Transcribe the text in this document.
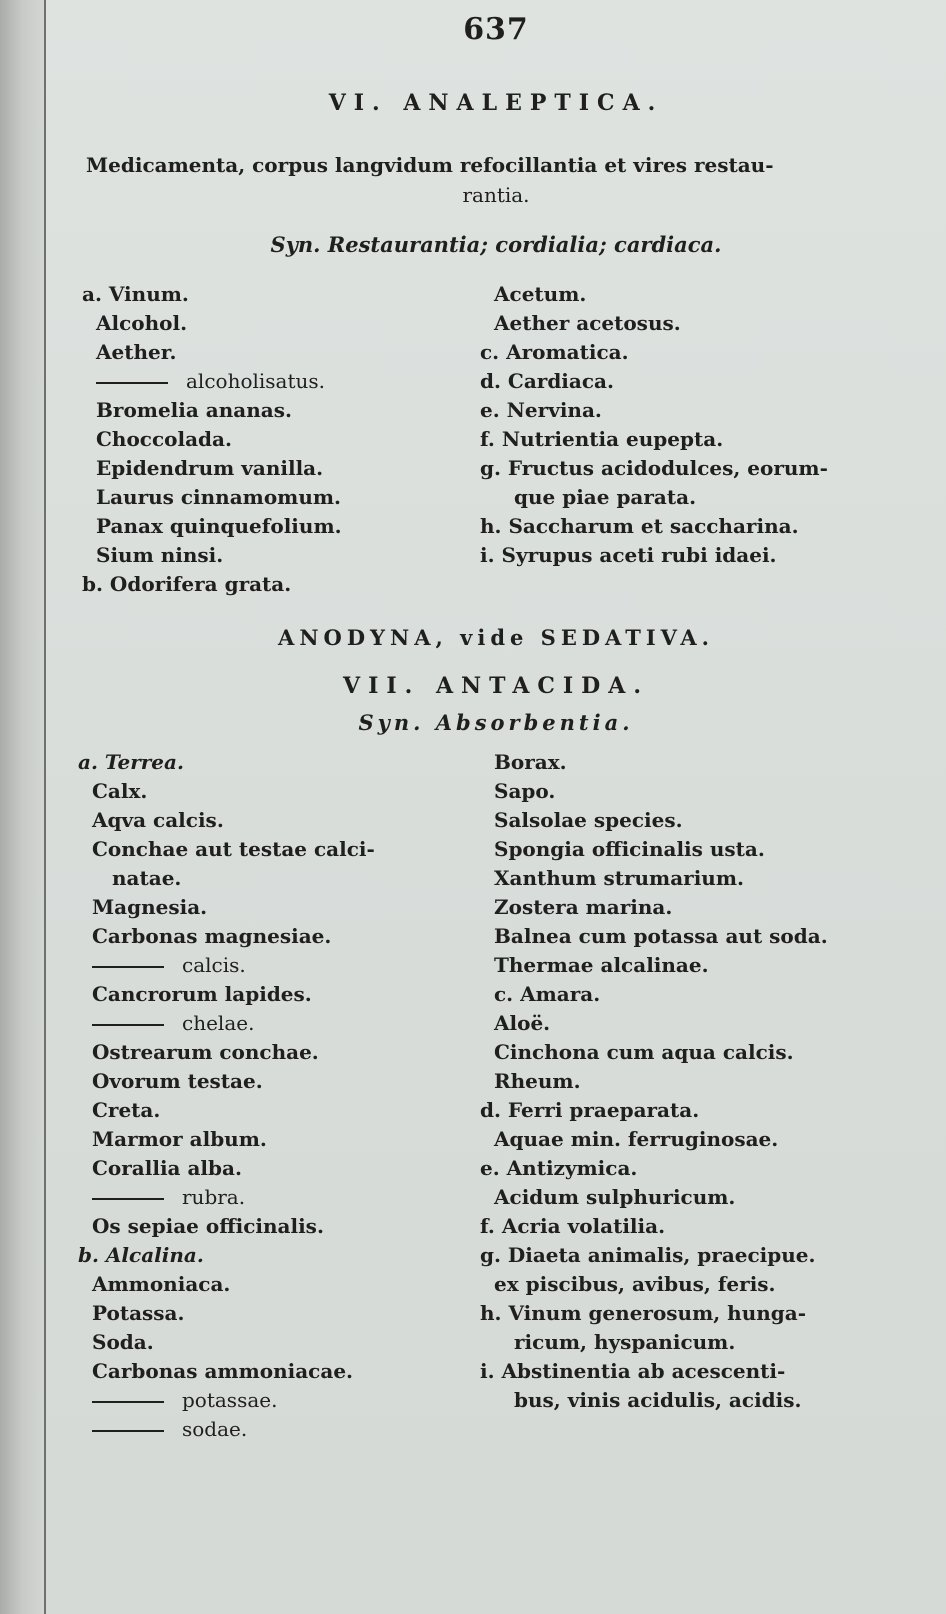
637
VI. ANALEPTICA.
Medicamenta, corpus langvidum refocillantia et vires restau-
rantia.
Syn. Restaurantia; cordialia; cardiaca.
a. Vinum.
Alcohol.
Aether.
alcoholisatus.
Bromelia ananas.
Choccolada.
Epidendrum vanilla.
Laurus cinnamomum.
Panax quinquefolium.
Sium ninsi.
b. Odorifera grata.
Acetum.
Aether acetosus.
c. Aromatica.
d. Cardiaca.
e. Nervina.
f. Nutrientia eupepta.
g. Fructus acidodulces, eorum-
que piae parata.
h. Saccharum et saccharina.
i. Syrupus aceti rubi idaei.
ANODYNA, vide SEDATIVA.
VII. ANTACIDA.
Syn. Absorbentia.
a. Terrea.
Calx.
Aqva calcis.
Conchae aut testae calci-
natae.
Magnesia.
Carbonas magnesiae.
calcis.
Cancrorum lapides.
chelae.
Ostrearum conchae.
Ovorum testae.
Creta.
Marmor album.
Corallia alba.
rubra.
Os sepiae officinalis.
b. Alcalina.
Ammoniaca.
Potassa.
Soda.
Carbonas ammoniacae.
potassae.
sodae.
Borax.
Sapo.
Salsolae species.
Spongia officinalis usta.
Xanthum strumarium.
Zostera marina.
Balnea cum potassa aut soda.
Thermae alcalinae.
c. Amara.
Aloë.
Cinchona cum aqua calcis.
Rheum.
d. Ferri praeparata.
Aquae min. ferruginosae.
e. Antizymica.
Acidum sulphuricum.
f. Acria volatilia.
g. Diaeta animalis, praecipue.
ex piscibus, avibus, feris.
h. Vinum generosum, hunga-
ricum, hyspanicum.
i. Abstinentia ab acescenti-
bus, vinis acidulis, acidis.
